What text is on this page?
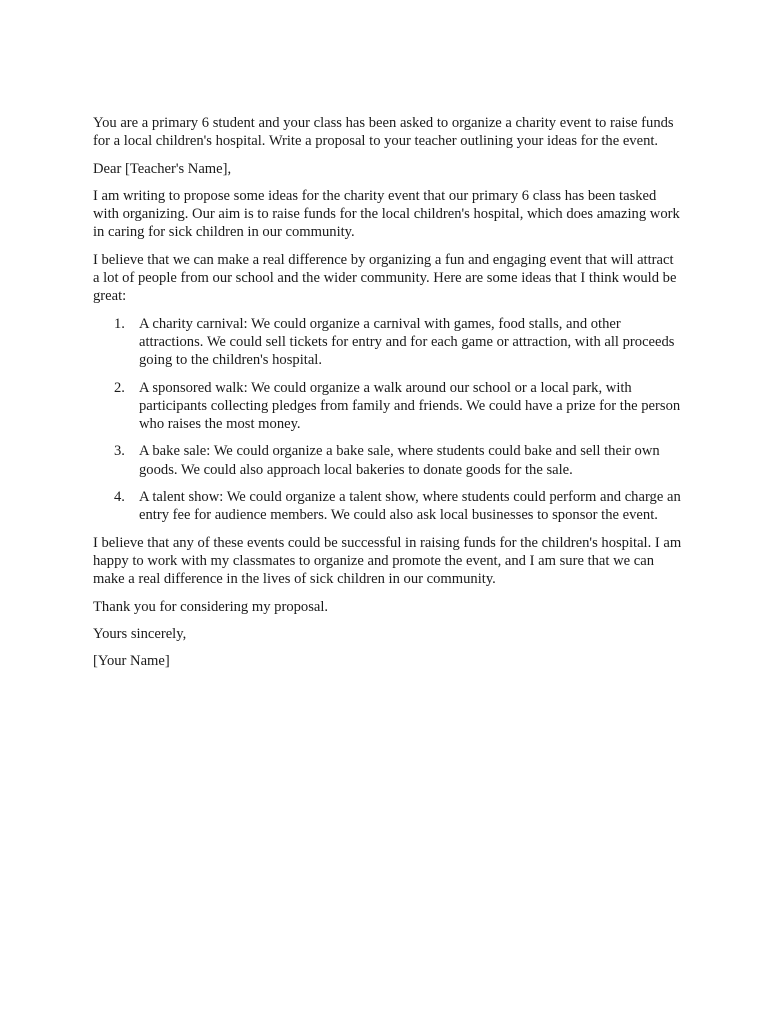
You are a primary 6 student and your class has been asked to organize a charity event to raise funds for a local children's hospital. Write a proposal to your teacher outlining your ideas for the event.

Dear [Teacher's Name],

I am writing to propose some ideas for the charity event that our primary 6 class has been tasked with organizing. Our aim is to raise funds for the local children's hospital, which does amazing work in caring for sick children in our community.

I believe that we can make a real difference by organizing a fun and engaging event that will attract a lot of people from our school and the wider community. Here are some ideas that I think would be great:

1. A charity carnival: We could organize a carnival with games, food stalls, and other attractions. We could sell tickets for entry and for each game or attraction, with all proceeds going to the children's hospital.
2. A sponsored walk: We could organize a walk around our school or a local park, with participants collecting pledges from family and friends. We could have a prize for the person who raises the most money.
3. A bake sale: We could organize a bake sale, where students could bake and sell their own goods. We could also approach local bakeries to donate goods for the sale.
4. A talent show: We could organize a talent show, where students could perform and charge an entry fee for audience members. We could also ask local businesses to sponsor the event.

I believe that any of these events could be successful in raising funds for the children's hospital. I am happy to work with my classmates to organize and promote the event, and I am sure that we can make a real difference in the lives of sick children in our community.

Thank you for considering my proposal.

Yours sincerely,

[Your Name]
